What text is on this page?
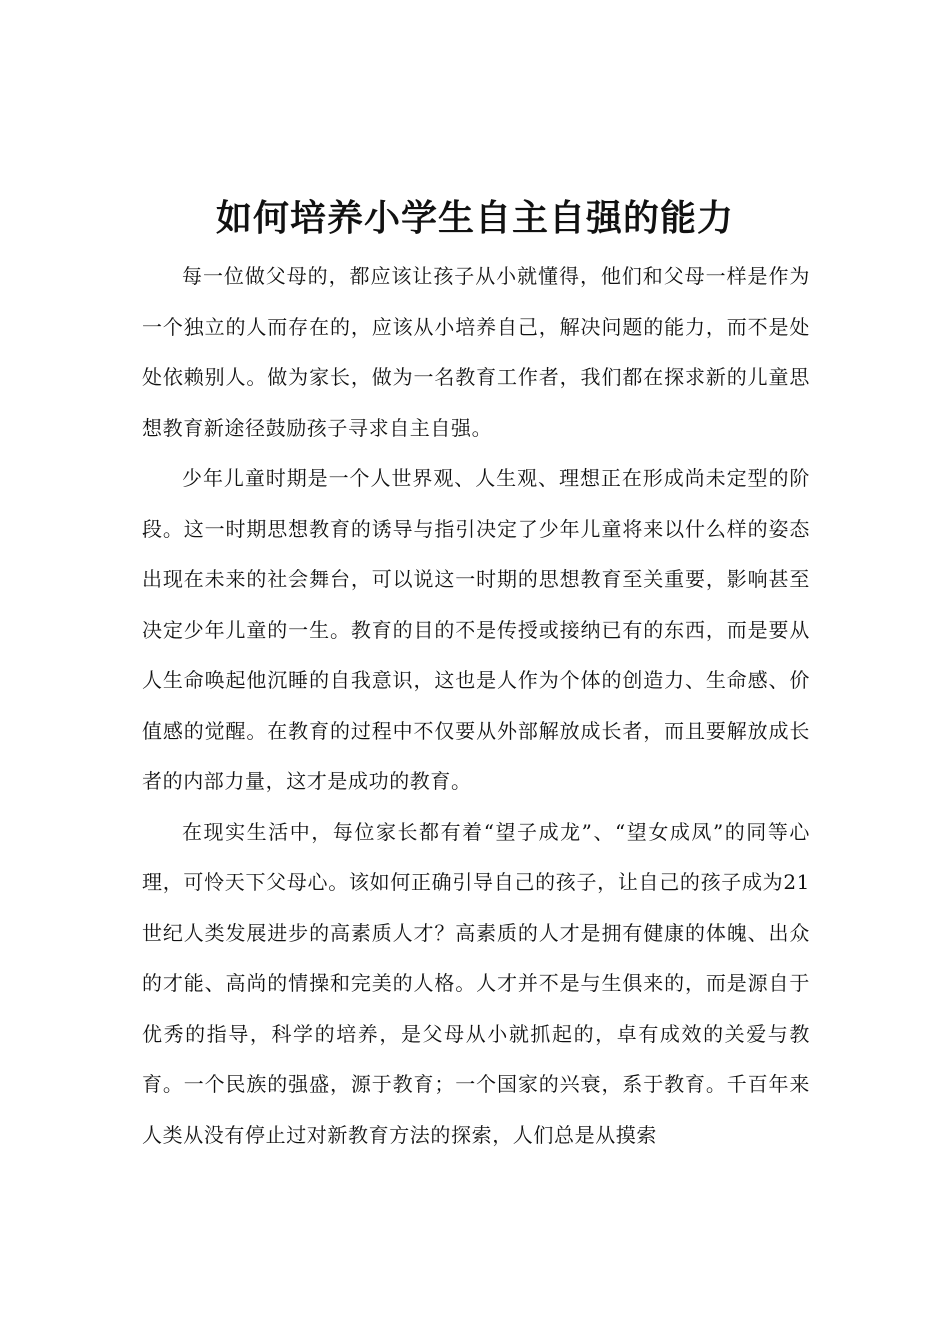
如何培养小学生自主自强的能力

每一位做父母的，都应该让孩子从小就懂得，他们和父母一样是作为一个独立的人而存在的，应该从小培养自己，解决问题的能力，而不是处处依赖别人。做为家长，做为一名教育工作者，我们都在探求新的儿童思想教育新途径鼓励孩子寻求自主自强。

少年儿童时期是一个人世界观、人生观、理想正在形成尚未定型的阶段。这一时期思想教育的诱导与指引决定了少年儿童将来以什么样的姿态出现在未来的社会舞台，可以说这一时期的思想教育至关重要，影响甚至决定少年儿童的一生。教育的目的不是传授或接纳已有的东西，而是要从人生命唤起他沉睡的自我意识，这也是人作为个体的创造力、生命感、价值感的觉醒。在教育的过程中不仅要从外部解放成长者，而且要解放成长者的内部力量，这才是成功的教育。

在现实生活中，每位家长都有着“望子成龙”、“望女成凤”的同等心理，可怜天下父母心。该如何正确引导自己的孩子，让自己的孩子成为21世纪人类发展进步的高素质人才？高素质的人才是拥有健康的体魄、出众的才能、高尚的情操和完美的人格。人才并不是与生俱来的，而是源自于优秀的指导，科学的培养，是父母从小就抓起的，卓有成效的关爱与教育。一个民族的强盛，源于教育；一个国家的兴衰，系于教育。千百年来人类从没有停止过对新教育方法的探索，人们总是从摸索
